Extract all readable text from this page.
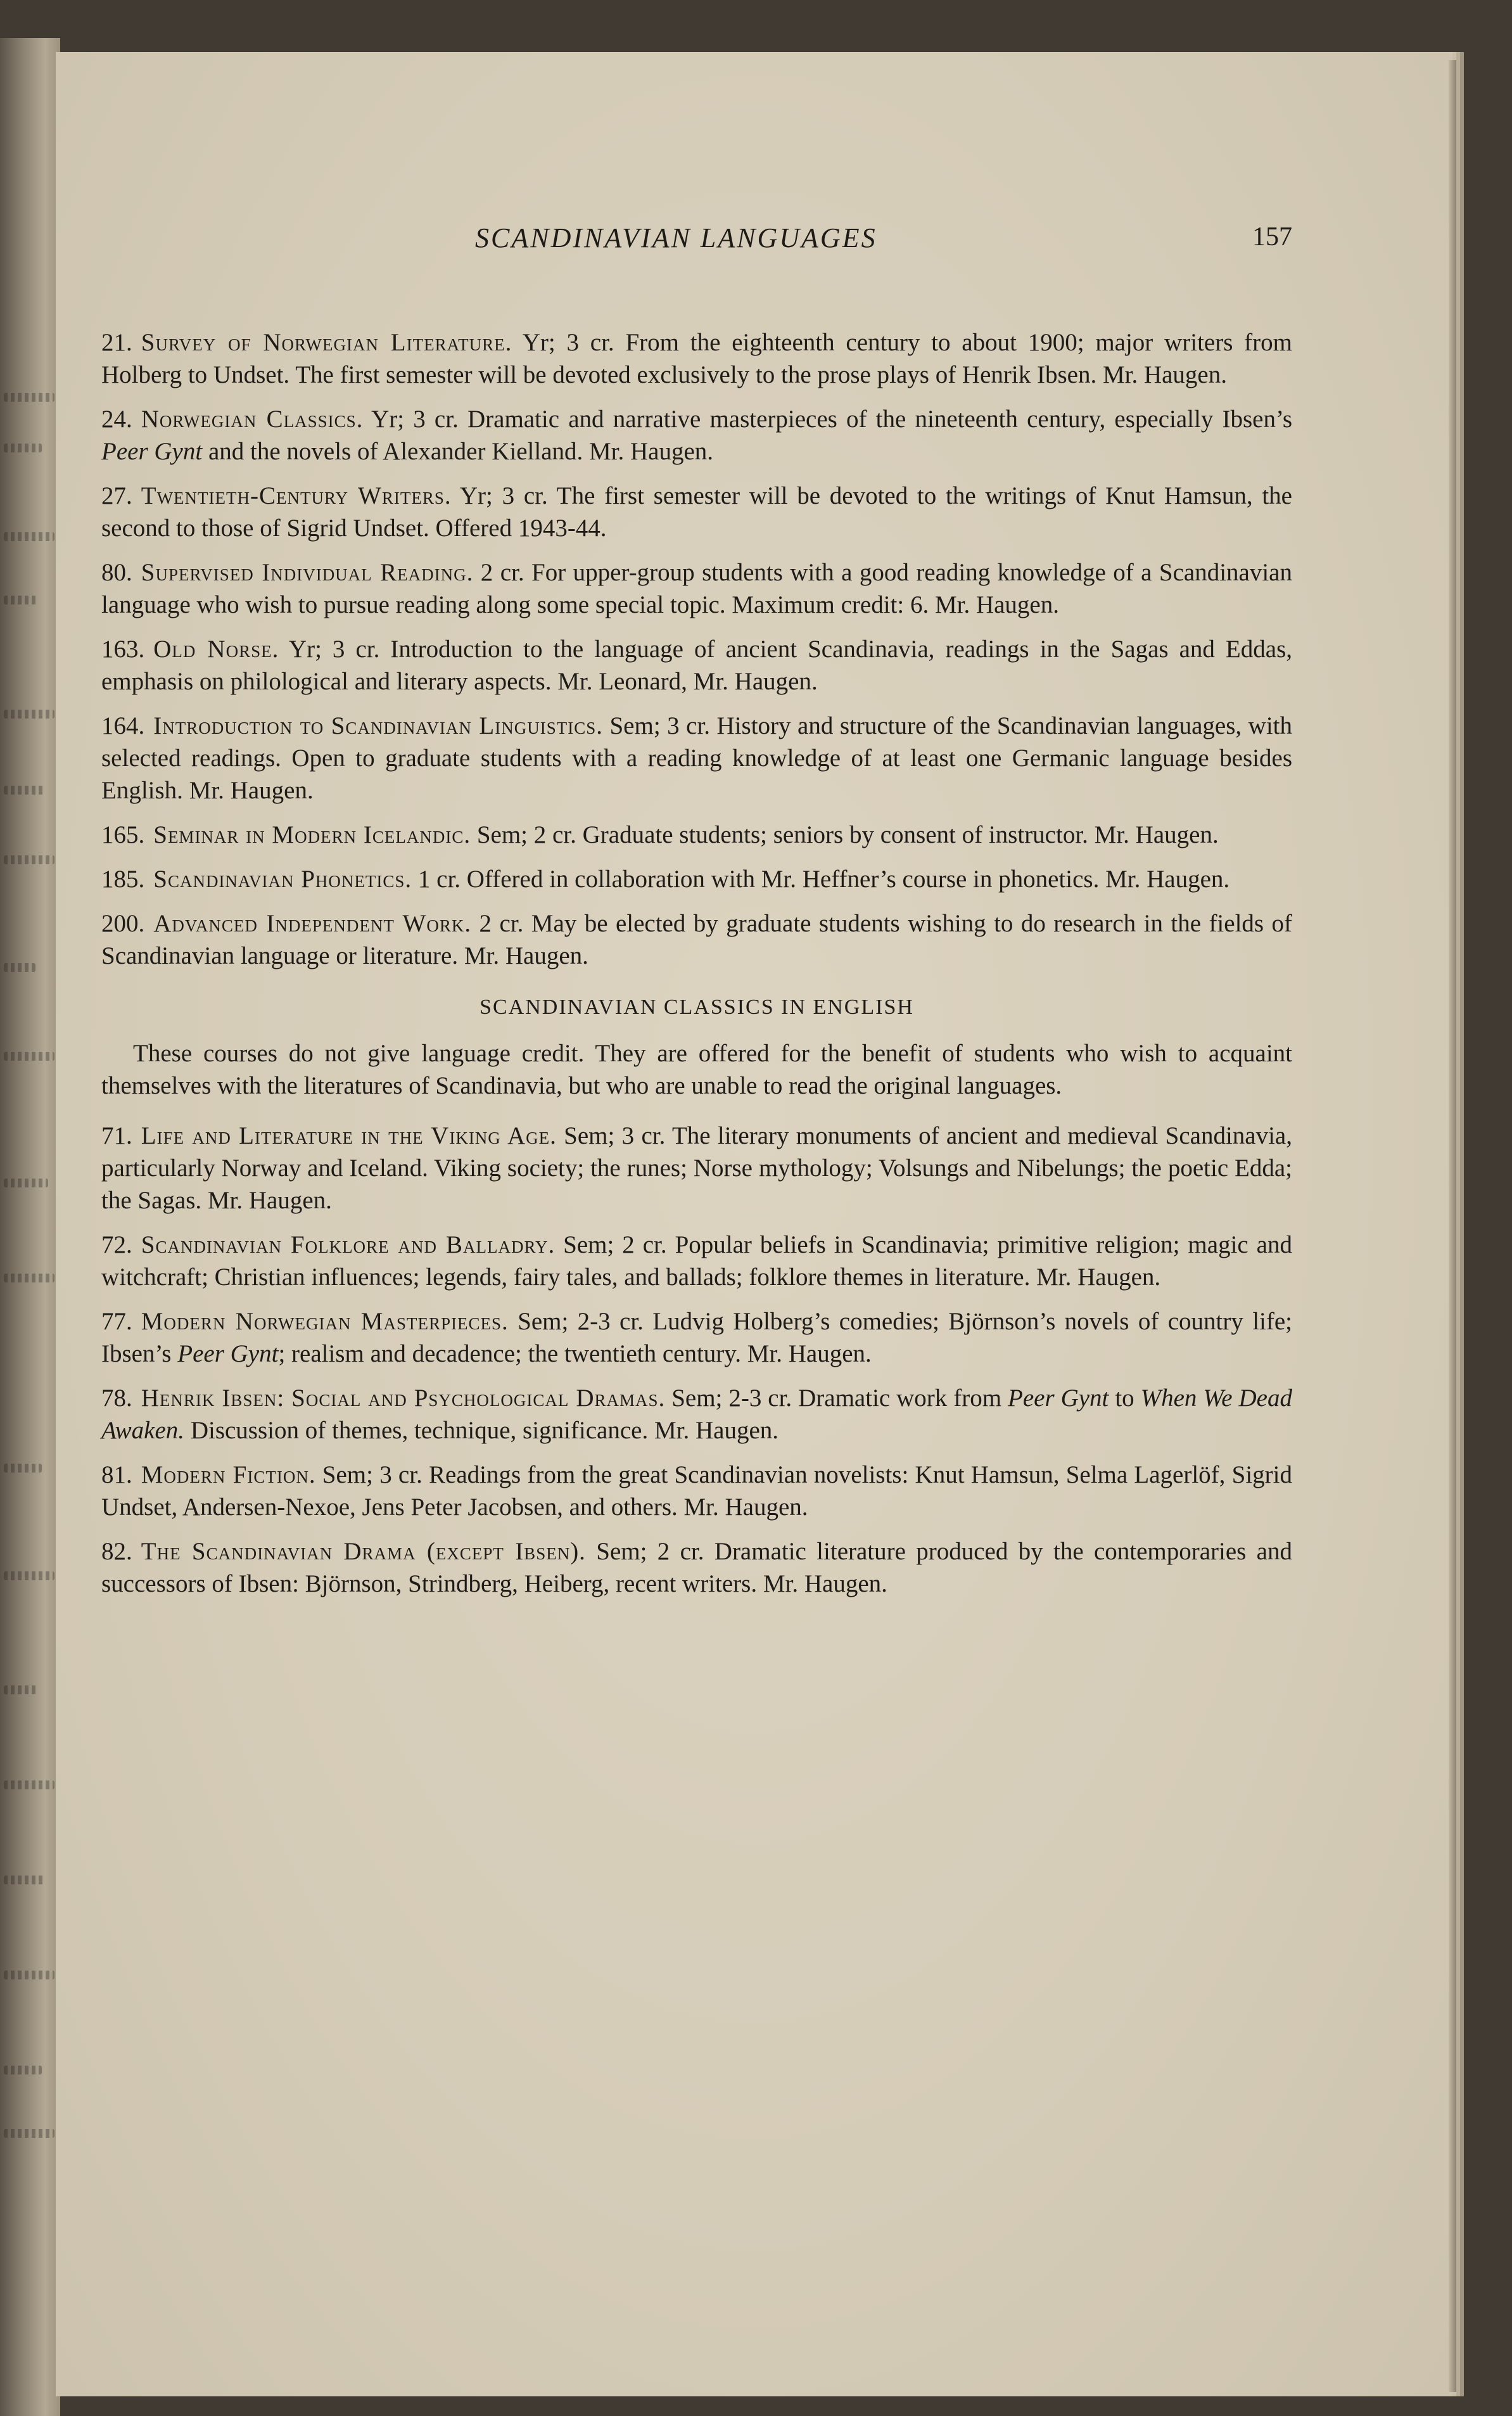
SCANDINAVIAN LANGUAGES	157

21. Survey of Norwegian Literature. Yr; 3 cr. From the eighteenth century to about 1900; major writers from Holberg to Undset. The first semester will be devoted exclusively to the prose plays of Henrik Ibsen. Mr. Haugen.

24. Norwegian Classics. Yr; 3 cr. Dramatic and narrative masterpieces of the nineteenth century, especially Ibsen’s Peer Gynt and the novels of Alexander Kielland. Mr. Haugen.

27. Twentieth-Century Writers. Yr; 3 cr. The first semester will be devoted to the writings of Knut Hamsun, the second to those of Sigrid Undset. Offered 1943-44.

80. Supervised Individual Reading. 2 cr. For upper-group students with a good reading knowledge of a Scandinavian language who wish to pursue reading along some special topic. Maximum credit: 6. Mr. Haugen.

163. Old Norse. Yr; 3 cr. Introduction to the language of ancient Scandinavia, readings in the Sagas and Eddas, emphasis on philological and literary aspects. Mr. Leonard, Mr. Haugen.

164. Introduction to Scandinavian Linguistics. Sem; 3 cr. History and structure of the Scandinavian languages, with selected readings. Open to graduate students with a reading knowledge of at least one Germanic language besides English. Mr. Haugen.

165. Seminar in Modern Icelandic. Sem; 2 cr. Graduate students; seniors by consent of instructor. Mr. Haugen.

185. Scandinavian Phonetics. 1 cr. Offered in collaboration with Mr. Heffner’s course in phonetics. Mr. Haugen.

200. Advanced Independent Work. 2 cr. May be elected by graduate students wishing to do research in the fields of Scandinavian language or literature. Mr. Haugen.

SCANDINAVIAN CLASSICS IN ENGLISH

These courses do not give language credit. They are offered for the benefit of students who wish to acquaint themselves with the literatures of Scandinavia, but who are unable to read the original languages.

71. Life and Literature in the Viking Age. Sem; 3 cr. The literary monuments of ancient and medieval Scandinavia, particularly Norway and Iceland. Viking society; the runes; Norse mythology; Volsungs and Nibelungs; the poetic Edda; the Sagas. Mr. Haugen.

72. Scandinavian Folklore and Balladry. Sem; 2 cr. Popular beliefs in Scandinavia; primitive religion; magic and witchcraft; Christian influences; legends, fairy tales, and ballads; folklore themes in literature. Mr. Haugen.

77. Modern Norwegian Masterpieces. Sem; 2-3 cr. Ludvig Holberg’s comedies; Björnson’s novels of country life; Ibsen’s Peer Gynt; realism and decadence; the twentieth century. Mr. Haugen.

78. Henrik Ibsen: Social and Psychological Dramas. Sem; 2-3 cr. Dramatic work from Peer Gynt to When We Dead Awaken. Discussion of themes, technique, significance. Mr. Haugen.

81. Modern Fiction. Sem; 3 cr. Readings from the great Scandinavian novelists: Knut Hamsun, Selma Lagerlöf, Sigrid Undset, Andersen-Nexoe, Jens Peter Jacobsen, and others. Mr. Haugen.

82. The Scandinavian Drama (except Ibsen). Sem; 2 cr. Dramatic literature produced by the contemporaries and successors of Ibsen: Björnson, Strindberg, Heiberg, recent writers. Mr. Haugen.
